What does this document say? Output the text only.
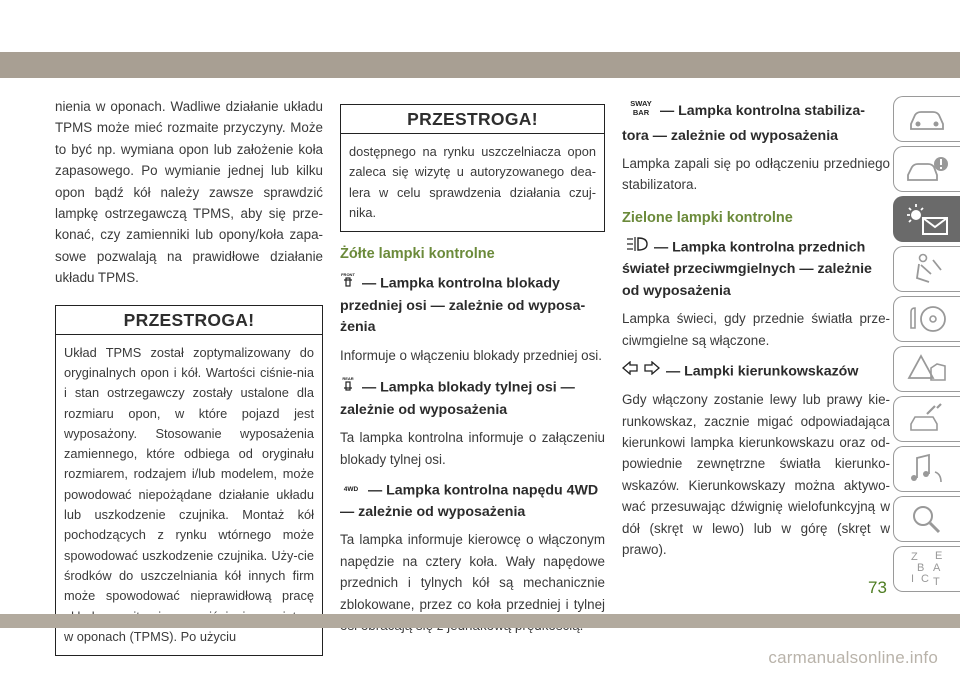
nienia w oponach. Wadliwe działanie układu TPMS może mieć rozmaite przyczyny. Może to być np. wymiana opon lub założenie koła zapasowego. Po wymianie jednej lub kilku opon bądź kół należy zawsze sprawdzić lampkę ostrzegawczą TPMS, aby się prze-konać, czy zamienniki lub opony/koła zapa-sowe pozwalają na prawidłowe działanie układu TPMS.

PRZESTROGA!
Układ TPMS został zoptymalizowany do oryginalnych opon i kół. Wartości ciśnie-nia i stan ostrzegawczy zostały ustalone dla rozmiaru opon, w które pojazd jest wyposażony. Stosowanie wyposażenia zamiennego, które odbiega od oryginału rozmiarem, rodzajem i/lub modelem, może powodować niepożądane działanie układu lub uszkodzenie czujnika. Montaż kół pochodzących z rynku wtórnego może spowodować uszkodzenie czujnika. Uży-cie środków do uszczelniania kół innych firm może spowodować nieprawidłową pracę w oponach (TPMS). Po użyciu
PRZESTROGA!
dostępnego na rynku uszczelniacza opon zaleca się wizytę u autoryzowanego dea-lera w celu sprawdzenia działania czuj-nika.
Żółte lampki kontrolne
FRONT
— Lampka kontrolna blokady przedniej osi — zależnie od wyposa-żenia

Informuje o włączeniu blokady przedniej osi.

REAR
— Lampka blokady tylnej osi — zależnie od wyposażenia

Ta lampka kontrolna informuje o załączeniu blokady tylnej osi.

4WD — Lampka kontrolna napędu 4WD — zależnie od wyposażenia

Ta lampka informuje kierowcę o włączonym napędzie na cztery koła. Wały napędowe przednich i tylnych kół są mechanicznie zblokowane, przez co koła przedniej i tylnej

SWAY
BAR — Lampka kontrolna stabiliza-tora — zależnie od wyposażenia

Lampka zapali się po odłączeniu przedniego stabilizatora.

Zielone lampki kontrolne
— Lampka kontrolna przednich świateł przeciwmgielnych — zależnie od wyposażenia

Lampka świeci, gdy przednie światła prze-ciwmgielne są włączone.

— Lampki kierunkowskazów

Gdy włączony zostanie lewy lub prawy kie-runkowskaz, zacznie migać odpowiadająca kierunkowi lampka kierunkowskazu oraz od-powiednie zewnętrzne światła kierunko-wskazów. Kierunkowskazy można aktywo-wać przesuwając dźwignię wielofunkcyjną w dół (skręt w lewo) lub w górę (skręt w prawo).

Z E
B A
I C T
73
carmanualsonline.info
